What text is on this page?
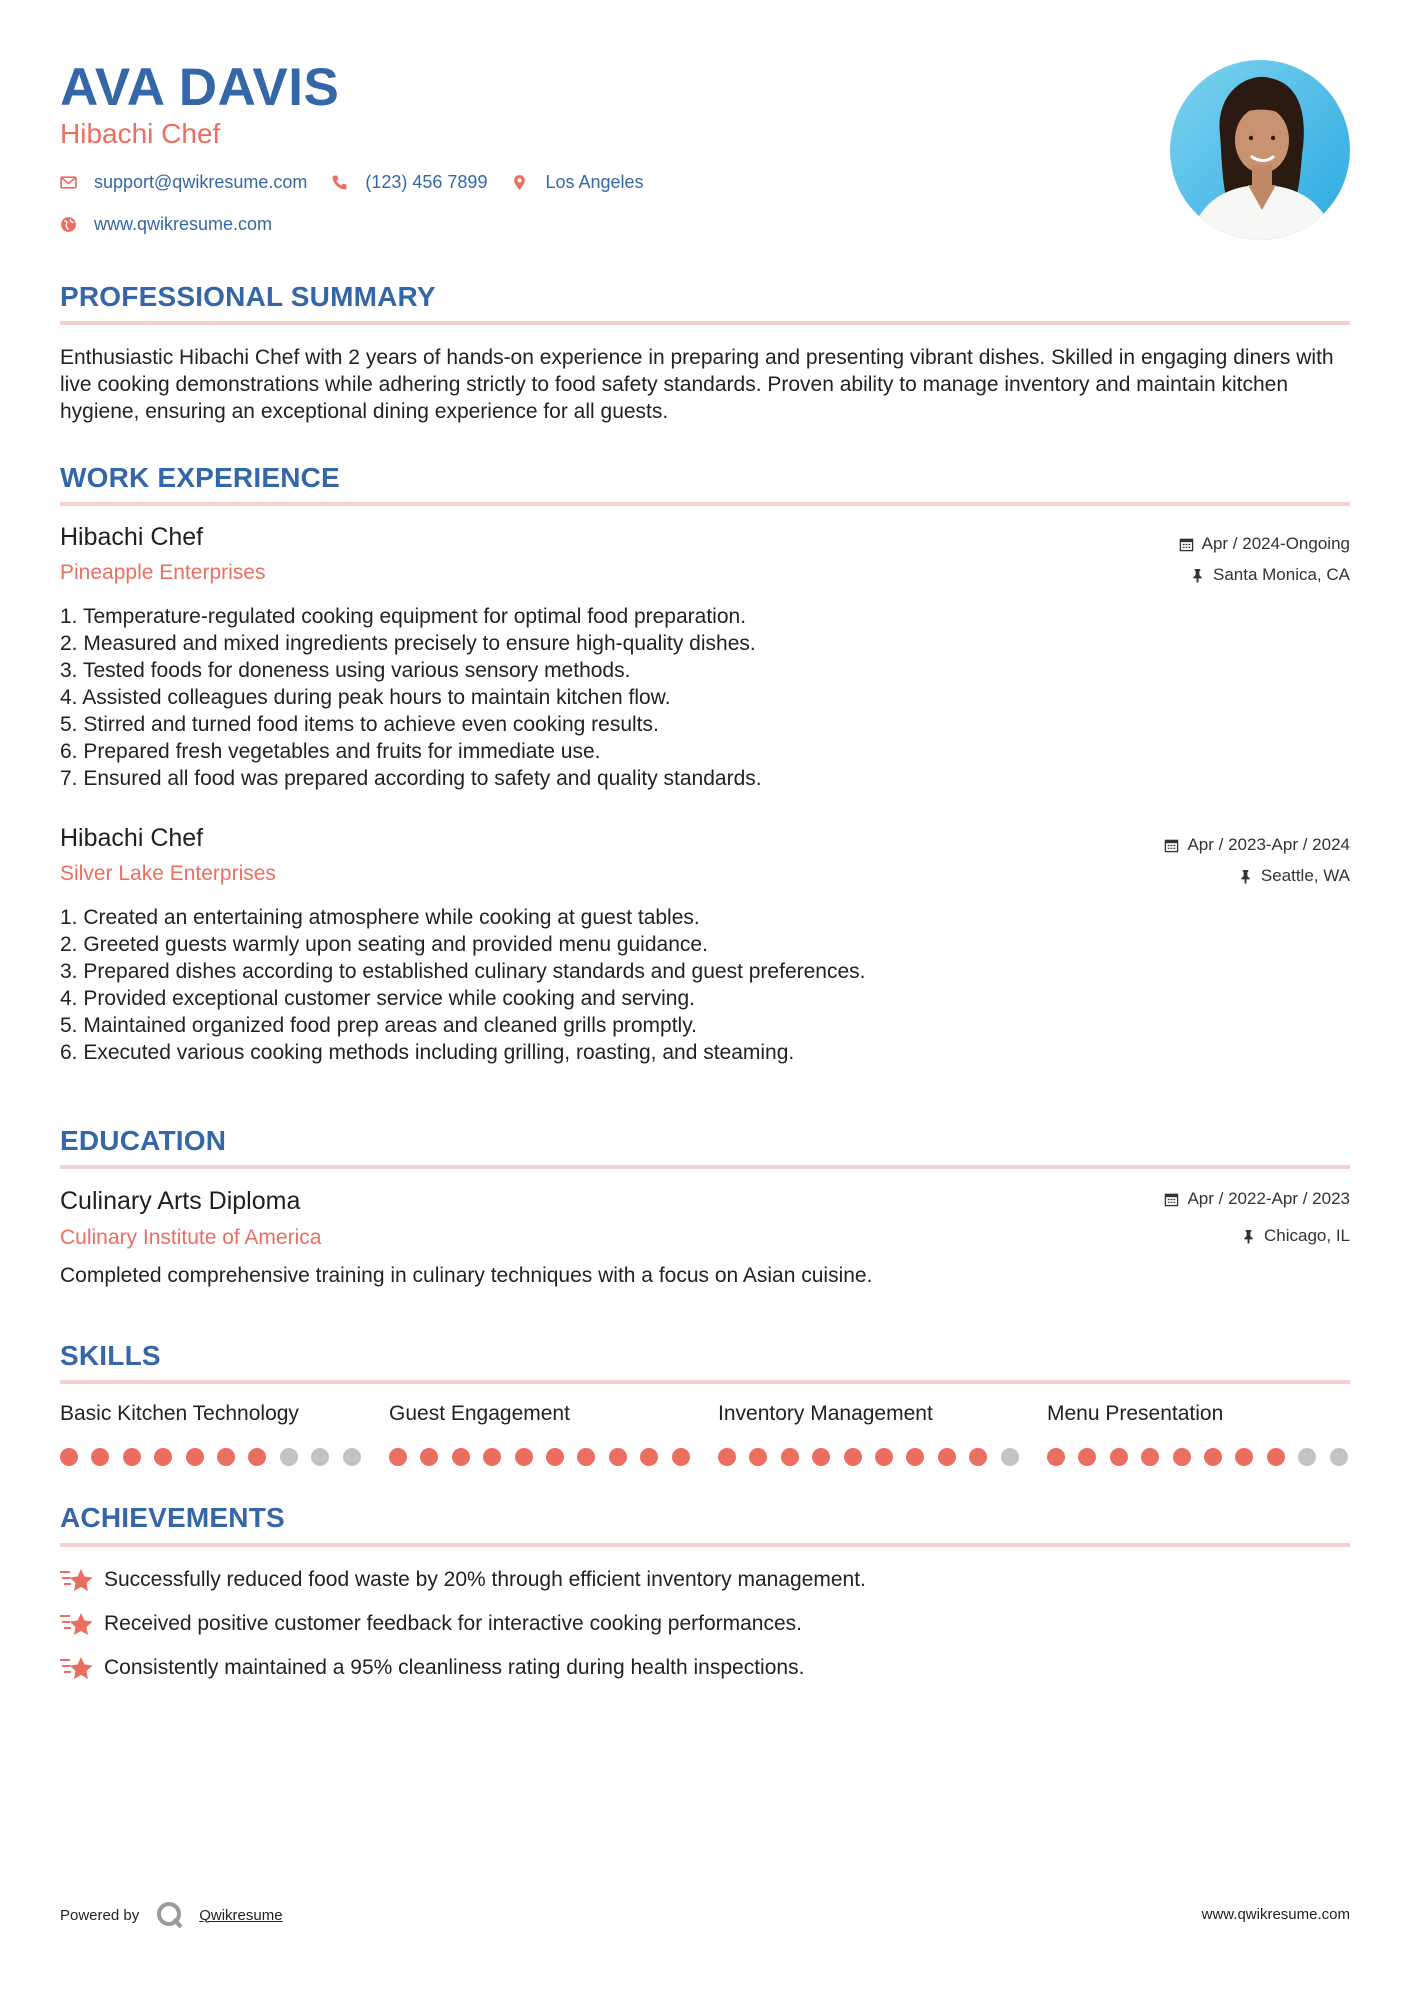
AVA DAVIS
Hibachi Chef
support@qwikresume.com	(123) 456 7899	Los Angeles
www.qwikresume.com
PROFESSIONAL SUMMARY

Enthusiastic Hibachi Chef with 2 years of hands-on experience in preparing and presenting vibrant dishes. Skilled in engaging diners with live cooking demonstrations while adhering strictly to food safety standards. Proven ability to manage inventory and maintain kitchen hygiene, ensuring an exceptional dining experience for all guests.

WORK EXPERIENCE
Hibachi Chef
Pineapple Enterprises
Apr / 2024-Ongoing
Santa Monica, CA
1. Temperature-regulated cooking equipment for optimal food preparation.
2. Measured and mixed ingredients precisely to ensure high-quality dishes.
3. Tested foods for doneness using various sensory methods.
4. Assisted colleagues during peak hours to maintain kitchen flow.
5. Stirred and turned food items to achieve even cooking results.
6. Prepared fresh vegetables and fruits for immediate use.
7. Ensured all food was prepared according to safety and quality standards.
Hibachi Chef
Silver Lake Enterprises
Apr / 2023-Apr / 2024
Seattle, WA
1. Created an entertaining atmosphere while cooking at guest tables.
2. Greeted guests warmly upon seating and provided menu guidance.
3. Prepared dishes according to established culinary standards and guest preferences.
4. Provided exceptional customer service while cooking and serving.
5. Maintained organized food prep areas and cleaned grills promptly.
6. Executed various cooking methods including grilling, roasting, and steaming.
EDUCATION
Culinary Arts Diploma
Culinary Institute of America
Apr / 2022-Apr / 2023
Chicago, IL

Completed comprehensive training in culinary techniques with a focus on Asian cuisine.

SKILLS
Basic Kitchen Technology	Guest Engagement	Inventory Management	Menu Presentation
ACHIEVEMENTS
Successfully reduced food waste by 20% through efficient inventory management.
Received positive customer feedback for interactive cooking performances.
Consistently maintained a 95% cleanliness rating during health inspections.
Powered by	Qwikresume	www.qwikresume.com
